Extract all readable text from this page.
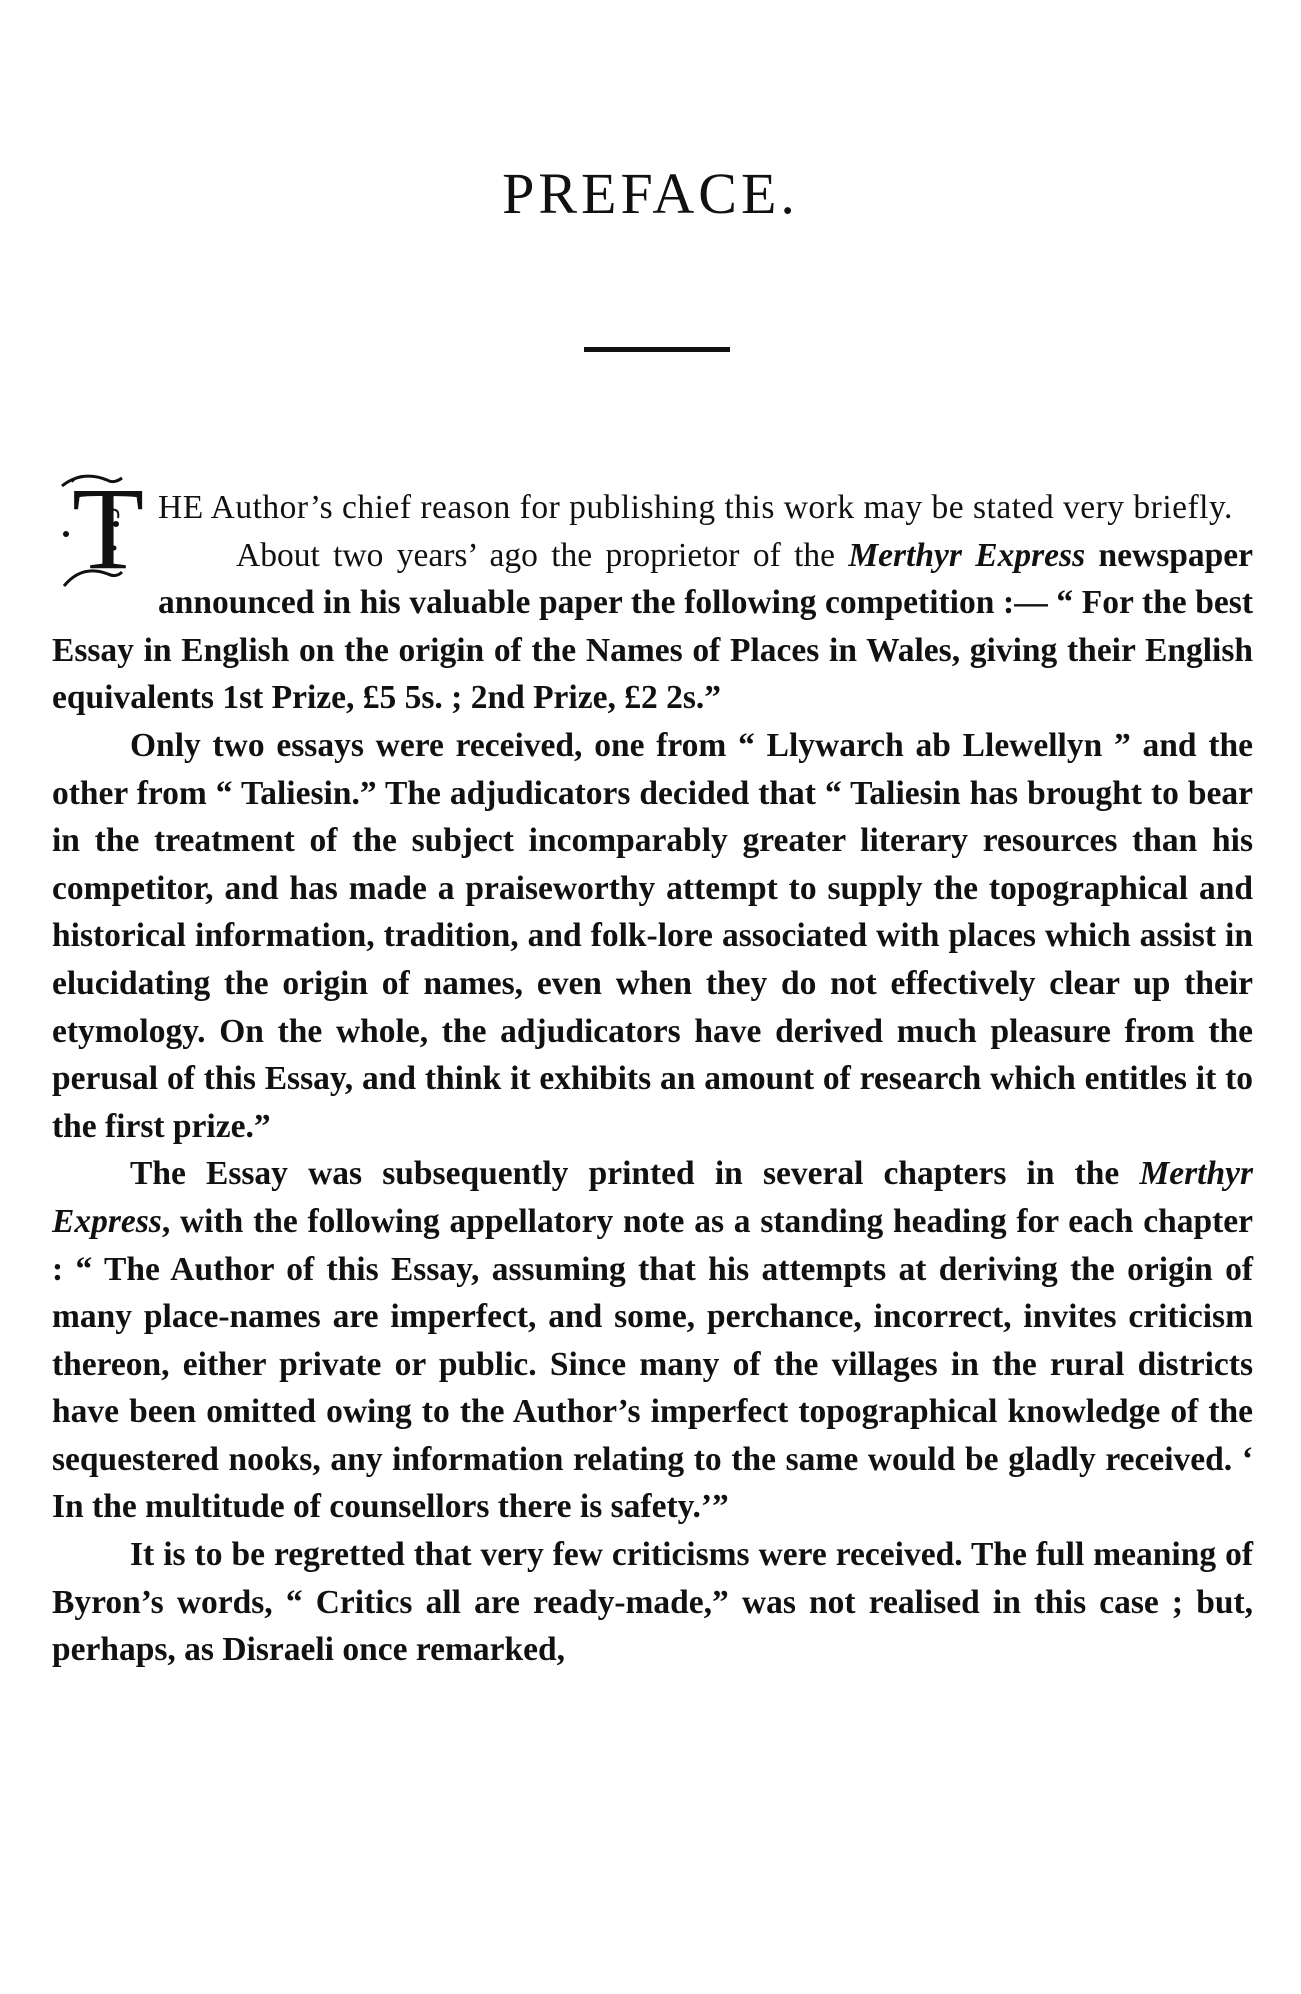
PREFACE.
T HE Author’s chief reason for publishing this work may be stated very briefly.

About two years’ ago the proprietor of the Merthyr Express newspaper announced in his valuable paper the following competition :— “ For the best Essay in English on the origin of the Names of Places in Wales, giving their English equivalents 1st Prize, £5 5s. ; 2nd Prize, £2 2s.”

Only two essays were received, one from “ Llywarch ab Llewellyn ” and the other from “ Taliesin.” The adjudicators decided that “ Taliesin has brought to bear in the treatment of the subject incomparably greater literary resources than his competitor, and has made a praiseworthy attempt to supply the topographical and historical information, tradition, and folk-lore associated with places which assist in elucidating the origin of names, even when they do not effectively clear up their etymology. On the whole, the adjudicators have derived much pleasure from the perusal of this Essay, and think it exhibits an amount of research which entitles it to the first prize.”

The Essay was subsequently printed in several chapters in the Merthyr Express, with the following appellatory note as a standing heading for each chapter : “ The Author of this Essay, assuming that his attempts at deriving the origin of many place-names are imperfect, and some, perchance, incorrect, invites criticism thereon, either private or public. Since many of the villages in the rural districts have been omitted owing to the Author’s imperfect topographical knowledge of the sequestered nooks, any information relating to the same would be gladly received. ‘ In the multitude of counsellors there is safety.’”

It is to be regretted that very few criticisms were received. The full meaning of Byron’s words, “ Critics all are ready-made,” was not realised in this case ; but, perhaps, as Disraeli once remarked,
